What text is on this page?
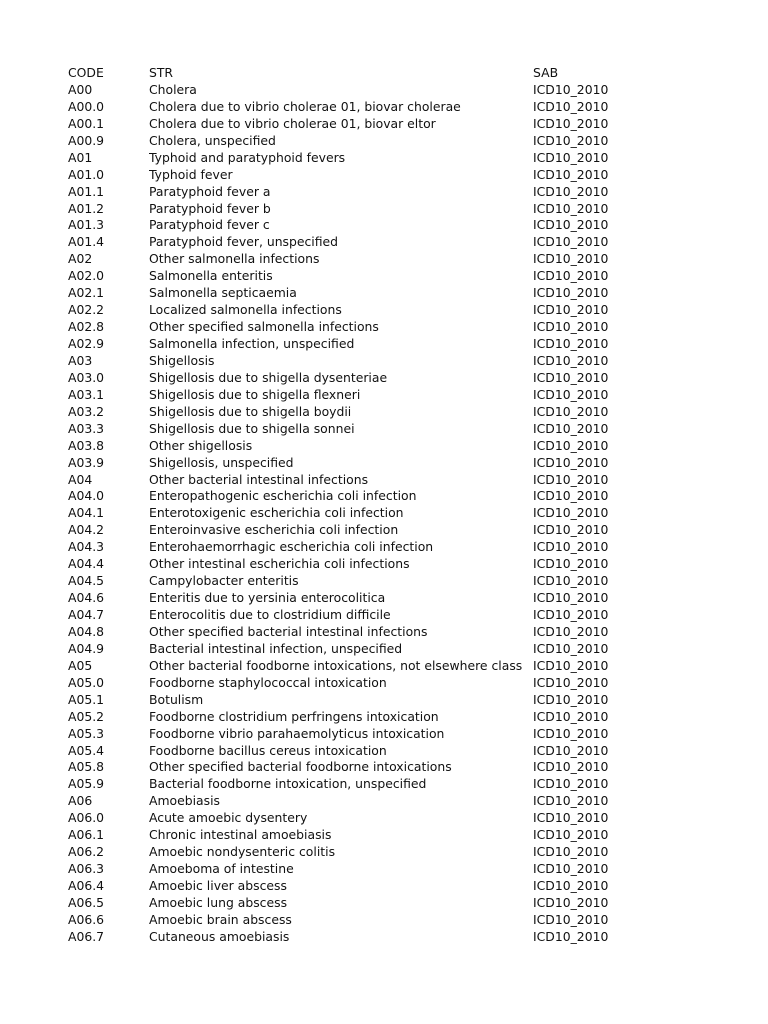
CODE	STR	SAB
A00	Cholera	ICD10_2010
A00.0	Cholera due to vibrio cholerae 01, biovar cholerae	ICD10_2010
A00.1	Cholera due to vibrio cholerae 01, biovar eltor	ICD10_2010
A00.9	Cholera, unspecified	ICD10_2010
A01	Typhoid and paratyphoid fevers	ICD10_2010
A01.0	Typhoid fever	ICD10_2010
A01.1	Paratyphoid fever a	ICD10_2010
A01.2	Paratyphoid fever b	ICD10_2010
A01.3	Paratyphoid fever c	ICD10_2010
A01.4	Paratyphoid fever, unspecified	ICD10_2010
A02	Other salmonella infections	ICD10_2010
A02.0	Salmonella enteritis	ICD10_2010
A02.1	Salmonella septicaemia	ICD10_2010
A02.2	Localized salmonella infections	ICD10_2010
A02.8	Other specified salmonella infections	ICD10_2010
A02.9	Salmonella infection, unspecified	ICD10_2010
A03	Shigellosis	ICD10_2010
A03.0	Shigellosis due to shigella dysenteriae	ICD10_2010
A03.1	Shigellosis due to shigella flexneri	ICD10_2010
A03.2	Shigellosis due to shigella boydii	ICD10_2010
A03.3	Shigellosis due to shigella sonnei	ICD10_2010
A03.8	Other shigellosis	ICD10_2010
A03.9	Shigellosis, unspecified	ICD10_2010
A04	Other bacterial intestinal infections	ICD10_2010
A04.0	Enteropathogenic escherichia coli infection	ICD10_2010
A04.1	Enterotoxigenic escherichia coli infection	ICD10_2010
A04.2	Enteroinvasive escherichia coli infection	ICD10_2010
A04.3	Enterohaemorrhagic escherichia coli infection	ICD10_2010
A04.4	Other intestinal escherichia coli infections	ICD10_2010
A04.5	Campylobacter enteritis	ICD10_2010
A04.6	Enteritis due to yersinia enterocolitica	ICD10_2010
A04.7	Enterocolitis due to clostridium difficile	ICD10_2010
A04.8	Other specified bacterial intestinal infections	ICD10_2010
A04.9	Bacterial intestinal infection, unspecified	ICD10_2010
A05	Other bacterial foodborne intoxications, not elsewhere class ICD10_2010
A05.0	Foodborne staphylococcal intoxication	ICD10_2010
A05.1	Botulism	ICD10_2010
A05.2	Foodborne clostridium perfringens intoxication	ICD10_2010
A05.3	Foodborne vibrio parahaemolyticus intoxication	ICD10_2010
A05.4	Foodborne bacillus cereus intoxication	ICD10_2010
A05.8	Other specified bacterial foodborne intoxications	ICD10_2010
A05.9	Bacterial foodborne intoxication, unspecified	ICD10_2010
A06	Amoebiasis	ICD10_2010
A06.0	Acute amoebic dysentery	ICD10_2010
A06.1	Chronic intestinal amoebiasis	ICD10_2010
A06.2	Amoebic nondysenteric colitis	ICD10_2010
A06.3	Amoeboma of intestine	ICD10_2010
A06.4	Amoebic liver abscess	ICD10_2010
A06.5	Amoebic lung abscess	ICD10_2010
A06.6	Amoebic brain abscess	ICD10_2010
A06.7	Cutaneous amoebiasis	ICD10_2010
